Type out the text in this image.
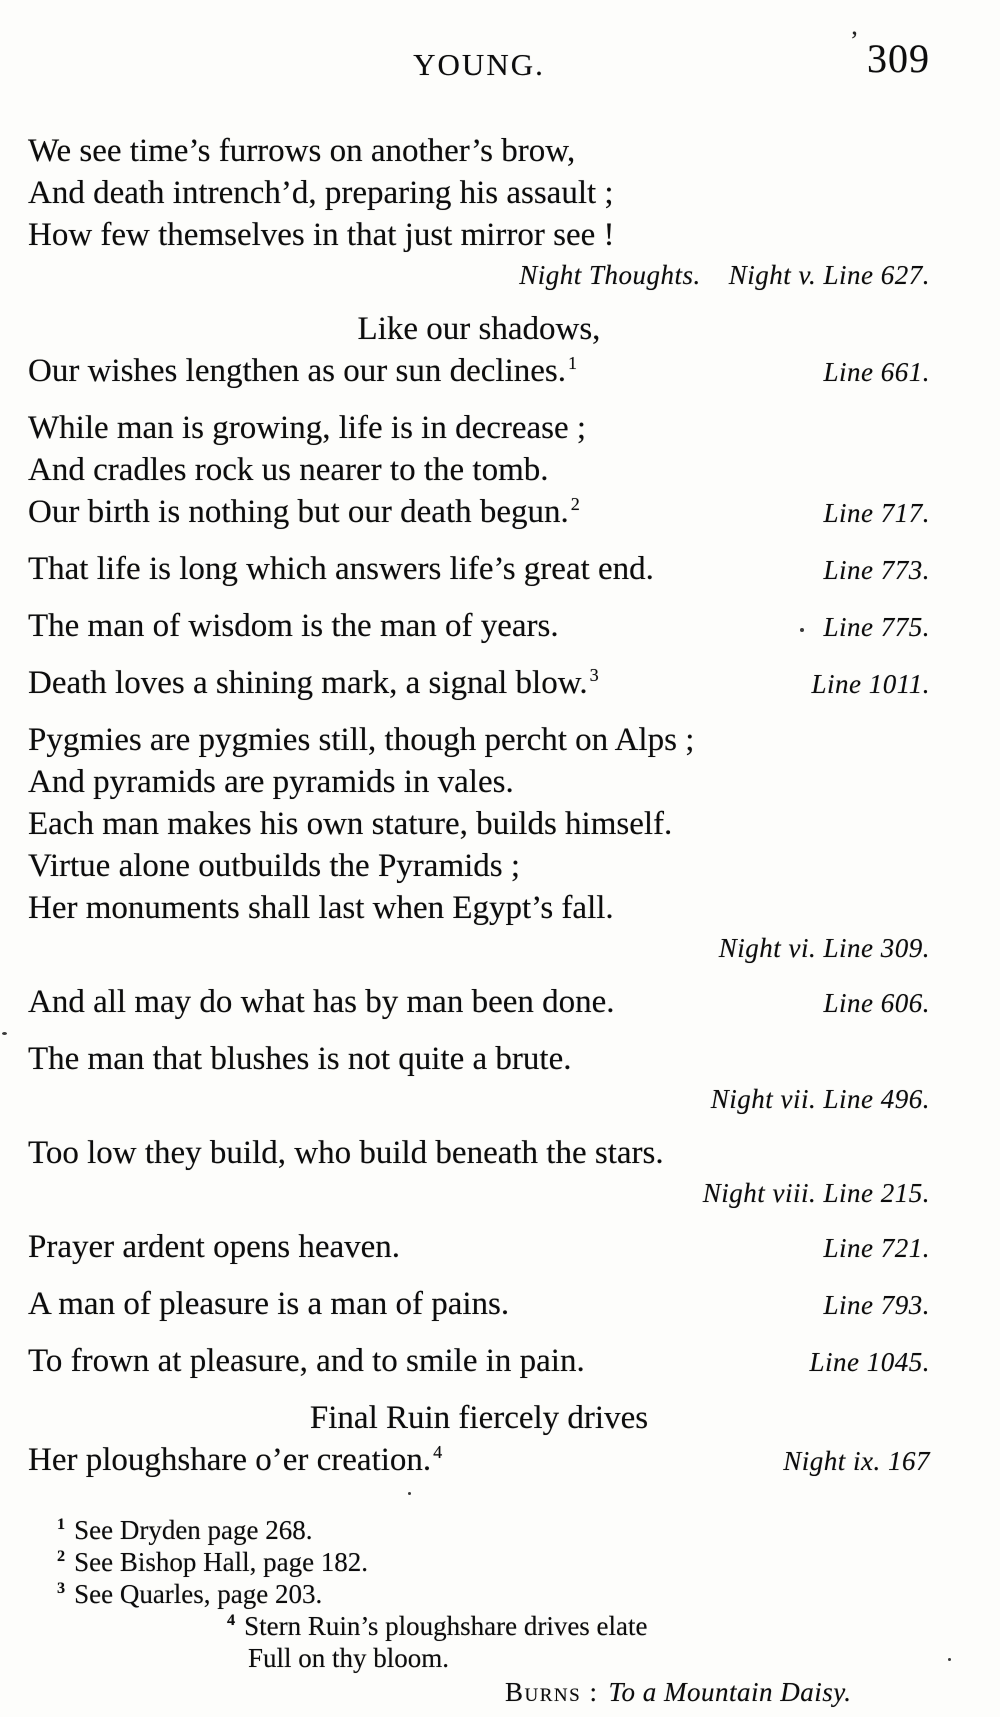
’
YOUNG.	309
We see time’s furrows on another’s brow,
And death intrench’d, preparing his assault ;
How few themselves in that just mirror see !
Night Thoughts. Night v. Line 627.
Like our shadows,
Our wishes lengthen as our sun declines. $^1$	Line 661.
While man is growing, life is in decrease ;
And cradles rock us nearer to the tomb.
Our birth is nothing but our death begun. $^2$	Line 717.
That life is long which answers life’s great end.	Line 773.
The man of wisdom is the man of years.	Line 775.
Death loves a shining mark, a signal blow. $^3$	Line 1011.
Pygmies are pygmies still, though percht on Alps ;
And pyramids are pyramids in vales.
Each man makes his own stature, builds himself.
Virtue alone outbuilds the Pyramids ;
Her monuments shall last when Egypt’s fall.
Night vi. Line 309.
And all may do what has by man been done.	Line 606.
The man that blushes is not quite a brute.
Night vii. Line 496.
Too low they build, who build beneath the stars.
Night viii. Line 215.
Prayer ardent opens heaven.	Line 721.
A man of pleasure is a man of pains.	Line 793.
To frown at pleasure, and to smile in pain.	Line 1045.
Final Ruin fiercely drives
Her ploughshare o’er creation. $^4$	Night ix. 167
$^1$ See Dryden page 268.
$^2$ See Bishop Hall, page 182.
$^3$ See Quarles, page 203.
$^4$ Stern Ruin’s ploughshare drives elate
Full on thy bloom.
Burns : To a Mountain Daisy.
